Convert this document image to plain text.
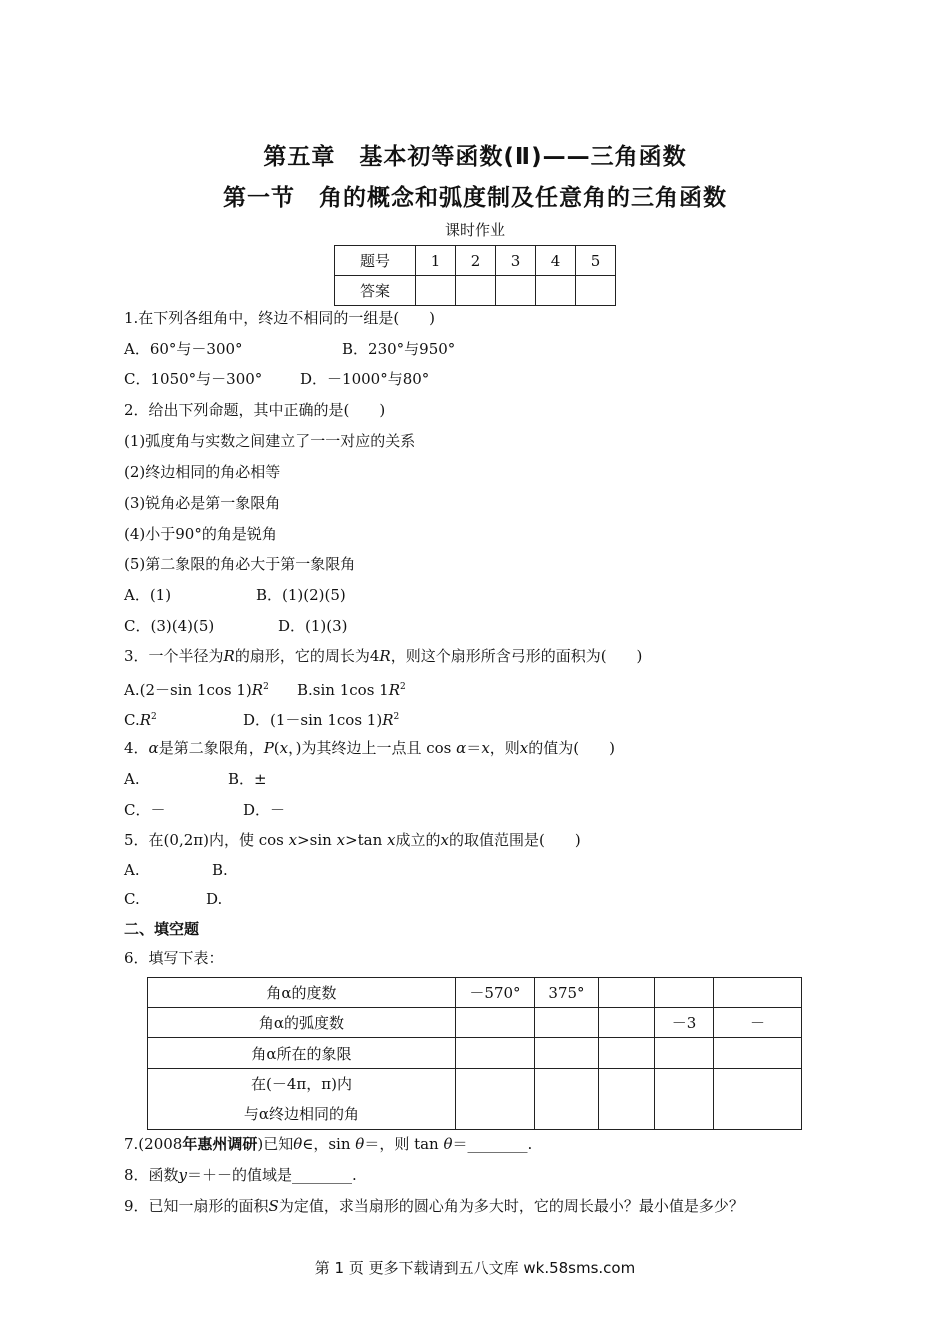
第五章　基本初等函数(Ⅱ)——三角函数
第一节　角的概念和弧度制及任意角的三角函数
课时作业
题号	1	2	3	4	5
答案					
1.在下列各组角中，终边不相同的一组是(　　)
A．60°与－300°	B．230°与950°
C．1050°与－300°	D．－1000°与80°
2．给出下列命题，其中正确的是(　　)
(1)弧度角与实数之间建立了一一对应的关系
(2)终边相同的角必相等
(3)锐角必是第一象限角
(4)小于90°的角是锐角
(5)第二象限的角必大于第一象限角
A．(1)	B．(1)(2)(5)
C．(3)(4)(5)	D．(1)(3)
3．一个半径为R的扇形，它的周长为4R，则这个扇形所含弓形的面积为(　　)
A.(2－sin 1cos $1)R^2$ B.sin 1cos $1R^2$
$C.R^2$	D．(1－sin 1cos $1)R^2$
4．α是第二象限角，P(x，)为其终边上一点且 cos α＝x，则x的值为(　　)
A.	B．±
C．－	D．－
5．在(0,2π)内，使 cos x>sin x>tan x成立的x的取值范围是(　　)
A.	B.
C.	D.
二、填空题
6．填写下表：
角α的度数	－570°	375°			
角α的弧度数				－3	－
角α所在的象限					

在(－4π，π)内
与α终边相同的角					

7.(2008年惠州调研)已知θ∈，sin θ＝，则 tan θ＝________.
8．函数y＝＋－的值域是________.
9．已知一扇形的面积S为定值，求当扇形的圆心角为多大时，它的周长最小？最小值是多少？
第 1 页 更多下载请到五八文库 wk.58sms.com
